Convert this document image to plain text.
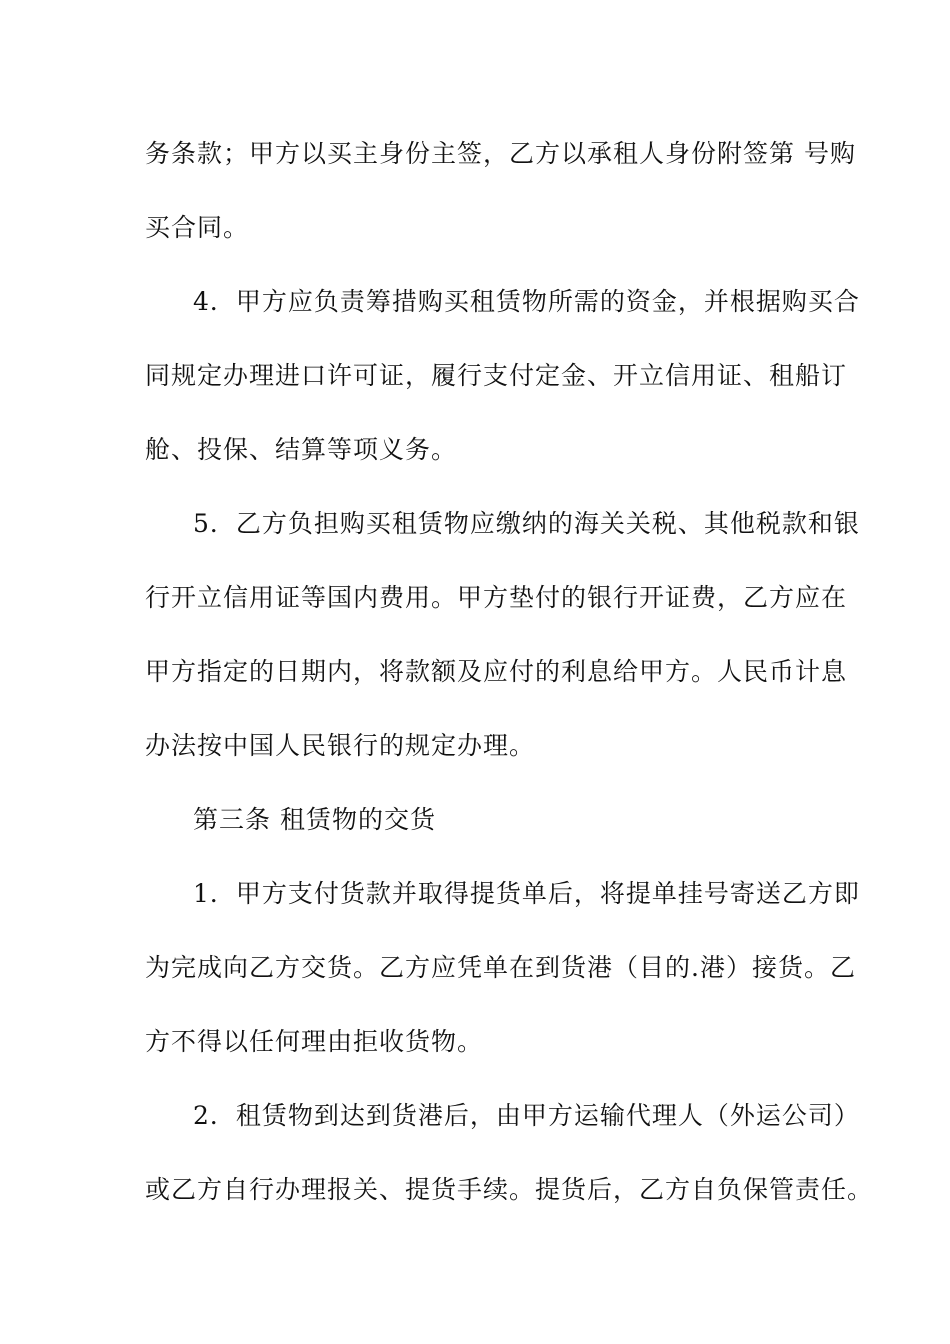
务条款；甲方以买主身份主签，乙方以承租人身份附签第 号购
买合同。
4．甲方应负责筹措购买租赁物所需的资金，并根据购买合
同规定办理进口许可证，履行支付定金、开立信用证、租船订
舱、投保、结算等项义务。
5．乙方负担购买租赁物应缴纳的海关关税、其他税款和银
行开立信用证等国内费用。甲方垫付的银行开证费，乙方应在
甲方指定的日期内，将款额及应付的利息给甲方。人民币计息
办法按中国人民银行的规定办理。
第三条 租赁物的交货
1．甲方支付货款并取得提货单后，将提单挂号寄送乙方即
为完成向乙方交货。乙方应凭单在到货港（目的.港）接货。乙
方不得以任何理由拒收货物。
2．租赁物到达到货港后，由甲方运输代理人（外运公司）
或乙方自行办理报关、提货手续。提货后，乙方自负保管责任。
